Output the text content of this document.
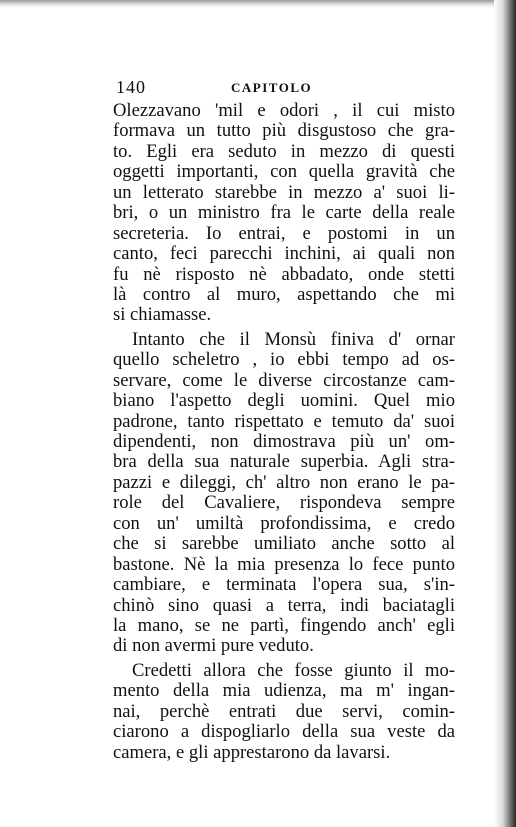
140	CAPITOLO
Olezzavano 'mil e odori , il cui misto
formava un tutto più disgustoso che gra-
to. Egli era seduto in mezzo di questi
oggetti importanti, con quella gravità che
un letterato starebbe in mezzo a' suoi li-
bri, o un ministro fra le carte della reale
secreteria. Io entrai, e postomi in un
canto, feci parecchi inchini, ai quali non
fu nè risposto nè abbadato, onde stetti
là contro al muro, aspettando che mi
si chiamasse.
Intanto che il Monsù finiva d' ornar
quello scheletro , io ebbi tempo ad os-
servare, come le diverse circostanze cam-
biano l'aspetto degli uomini. Quel mio
padrone, tanto rispettato e temuto da' suoi
dipendenti, non dimostrava più un' om-
bra della sua naturale superbia. Agli stra-
pazzi e dileggi, ch' altro non erano le pa-
role del Cavaliere, rispondeva sempre
con un' umiltà profondissima, e credo
che si sarebbe umiliato anche sotto al
bastone. Nè la mia presenza lo fece punto
cambiare, e terminata l'opera sua, s'in-
chinò sino quasi a terra, indi baciatagli
la mano, se ne partì, fingendo anch' egli
di non avermi pure veduto.
Credetti allora che fosse giunto il mo-
mento della mia udienza, ma m' ingan-
nai, perchè entrati due servi, comin-
ciarono a dispogliarlo della sua veste da
camera, e gli apprestarono da lavarsi.
